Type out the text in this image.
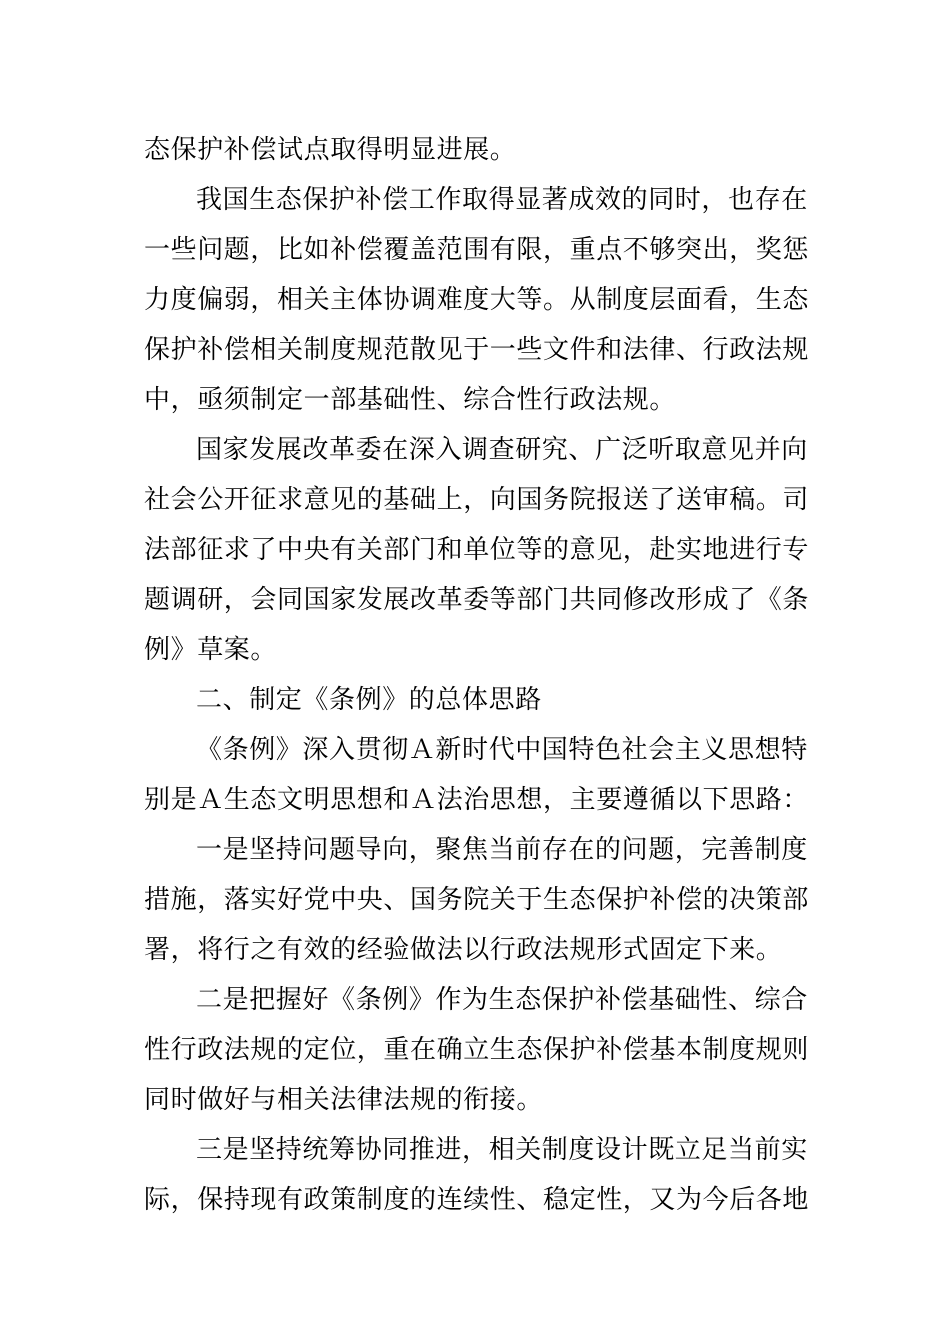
态保护补偿试点取得明显进展。

我国生态保护补偿工作取得显著成效的同时，也存在

一些问题，比如补偿覆盖范围有限，重点不够突出，奖惩

力度偏弱，相关主体协调难度大等。从制度层面看，生态

保护补偿相关制度规范散见于一些文件和法律、行政法规

中，亟须制定一部基础性、综合性行政法规。

国家发展改革委在深入调查研究、广泛听取意见并向

社会公开征求意见的基础上，向国务院报送了送审稿。司

法部征求了中央有关部门和单位等的意见，赴实地进行专

题调研，会同国家发展改革委等部门共同修改形成了《条

例》草案。

二、制定《条例》的总体思路

《条例》深入贯彻Ａ新时代中国特色社会主义思想特

别是Ａ生态文明思想和Ａ法治思想，主要遵循以下思路：

一是坚持问题导向，聚焦当前存在的问题，完善制度

措施，落实好党中央、国务院关于生态保护补偿的决策部

署，将行之有效的经验做法以行政法规形式固定下来。

二是把握好《条例》作为生态保护补偿基础性、综合

性行政法规的定位，重在确立生态保护补偿基本制度规则

同时做好与相关法律法规的衔接。

三是坚持统筹协同推进，相关制度设计既立足当前实

际，保持现有政策制度的连续性、稳定性，又为今后各地
